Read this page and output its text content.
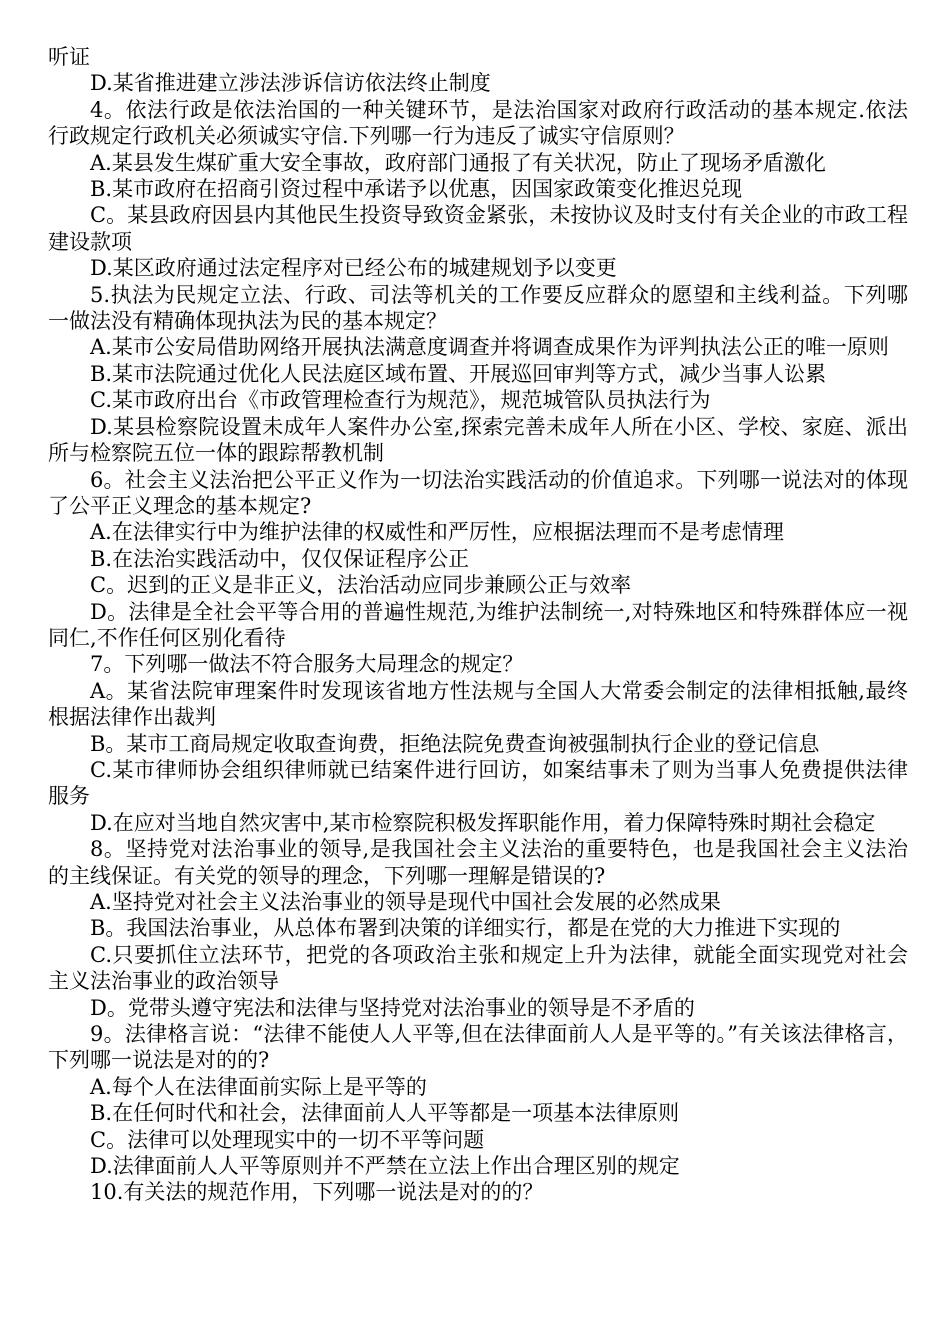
听证

D.某省推进建立涉法涉诉信访依法终止制度

4。依法行政是依法治国的一种关键环节，是法治国家对政府行政活动的基本规定.依法行政规定行政机关必须诚实守信.下列哪一行为违反了诚实守信原则？

A.某县发生煤矿重大安全事故，政府部门通报了有关状况，防止了现场矛盾激化

B.某市政府在招商引资过程中承诺予以优惠，因国家政策变化推迟兑现

C。某县政府因县内其他民生投资导致资金紧张，未按协议及时支付有关企业的市政工程建设款项

D.某区政府通过法定程序对已经公布的城建规划予以变更

5.执法为民规定立法、行政、司法等机关的工作要反应群众的愿望和主线利益。下列哪一做法没有精确体现执法为民的基本规定？

A.某市公安局借助网络开展执法满意度调查并将调查成果作为评判执法公正的唯一原则

B.某市法院通过优化人民法庭区域布置、开展巡回审判等方式，减少当事人讼累

C.某市政府出台《市政管理检查行为规范》，规范城管队员执法行为

D.某县检察院设置未成年人案件办公室,探索完善未成年人所在小区、学校、家庭、派出所与检察院五位一体的跟踪帮教机制

6。社会主义法治把公平正义作为一切法治实践活动的价值追求。下列哪一说法对的体现了公平正义理念的基本规定?

A.在法律实行中为维护法律的权威性和严厉性，应根据法理而不是考虑情理

B.在法治实践活动中，仅仅保证程序公正

C。迟到的正义是非正义，法治活动应同步兼顾公正与效率

D。法律是全社会平等合用的普遍性规范,为维护法制统一,对特殊地区和特殊群体应一视同仁,不作任何区别化看待

7。下列哪一做法不符合服务大局理念的规定？

A。某省法院审理案件时发现该省地方性法规与全国人大常委会制定的法律相抵触,最终根据法律作出裁判

B。某市工商局规定收取查询费，拒绝法院免费查询被强制执行企业的登记信息

C.某市律师协会组织律师就已结案件进行回访，如案结事未了则为当事人免费提供法律服务

D.在应对当地自然灾害中,某市检察院积极发挥职能作用，着力保障特殊时期社会稳定

8。坚持党对法治事业的领导,是我国社会主义法治的重要特色，也是我国社会主义法治的主线保证。有关党的领导的理念，下列哪一理解是错误的?

A.坚持党对社会主义法治事业的领导是现代中国社会发展的必然成果

B。我国法治事业，从总体布署到决策的详细实行，都是在党的大力推进下实现的

C.只要抓住立法环节，把党的各项政治主张和规定上升为法律，就能全面实现党对社会主义法治事业的政治领导

D。党带头遵守宪法和法律与坚持党对法治事业的领导是不矛盾的

9。法律格言说：“法律不能使人人平等,但在法律面前人人是平等的。”有关该法律格言，下列哪一说法是对的的?

A.每个人在法律面前实际上是平等的

B.在任何时代和社会，法律面前人人平等都是一项基本法律原则

C。法律可以处理现实中的一切不平等问题

D.法律面前人人平等原则并不严禁在立法上作出合理区别的规定

10.有关法的规范作用，下列哪一说法是对的的？
